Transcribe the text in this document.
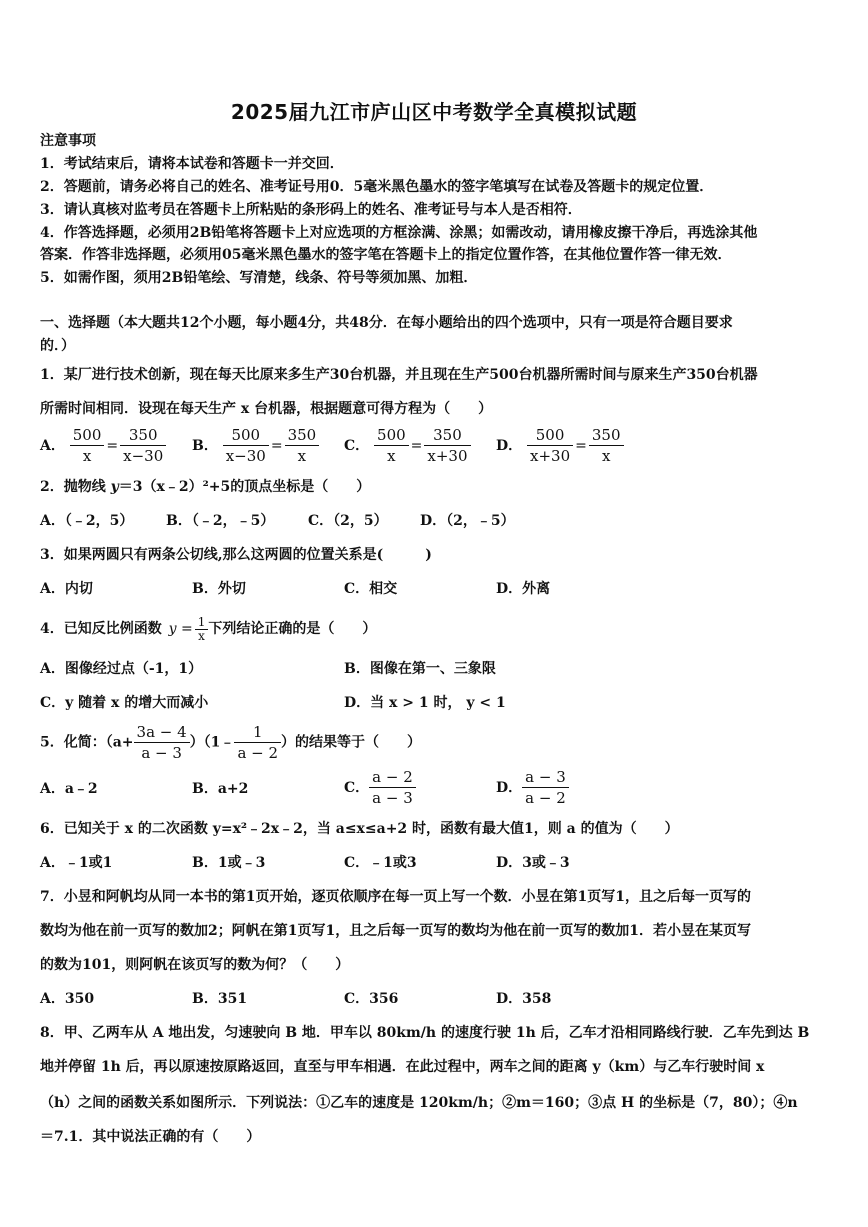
2025届九江市庐山区中考数学全真模拟试题
注意事项
1．考试结束后，请将本试卷和答题卡一并交回．
2．答题前，请务必将自己的姓名、准考证号用0．5毫米黑色墨水的签字笔填写在试卷及答题卡的规定位置．
3．请认真核对监考员在答题卡上所粘贴的条形码上的姓名、准考证号与本人是否相符．
4．作答选择题，必须用2B铅笔将答题卡上对应选项的方框涂满、涂黑；如需改动，请用橡皮擦干净后，再选涂其他
答案．作答非选择题，必须用05毫米黑色墨水的签字笔在答题卡上的指定位置作答，在其他位置作答一律无效．
5．如需作图，须用2B铅笔绘、写清楚，线条、符号等须加黑、加粗．
一、选择题（本大题共12个小题，每小题4分，共48分．在每小题给出的四个选项中，只有一项是符合题目要求
的．）
1．某厂进行技术创新，现在每天比原来多生产30台机器，并且现在生产500台机器所需时间与原来生产350台机器
所需时间相同．设现在每天生产 x 台机器，根据题意可得方程为（　　）
A． $\frac{500}{x} = \frac{350}{x-30}$ B． $\frac{500}{x-30} = \frac{350}{x}$ C． $\frac{500}{x} = \frac{350}{x+30}$ D． $\frac{500}{x+30} = \frac{350}{x}$
2．抛物线 y＝3（x﹣2）²+5的顶点坐标是（　　）
A．（﹣2，5） B．（﹣2，﹣5） C．（2，5） D．（2，﹣5）
3．如果两圆只有两条公切线,那么这两圆的位置关系是(　　　)
A．内切	B．外切	C．相交	D．外离
4．已知反比例函数 $y = \frac{1}{x}$ 下列结论正确的是（　　）
A．图像经过点（-1，1）	B．图像在第一、三象限
C．y 随着 x 的增大而减小	D．当 x > 1 时， y < 1
5．化简：（$a+ \frac{3a - 4}{a - 3}$ ）（1﹣ $\frac{1}{a - 2}$ ）的结果等于（　　）
A．a﹣2	B．a+2	C． $\frac{a - 2}{a - 3}$	D． $\frac{a - 3}{a - 2}$
6．已知关于 x 的二次函数 y=x²﹣2x﹣2，当 a≤x≤a+2 时，函数有最大值1，则 a 的值为（　　）
A．﹣1或1	B．1或﹣3	C．﹣1或3	D．3或﹣3
7．小昱和阿帆均从同一本书的第1页开始，逐页依顺序在每一页上写一个数．小昱在第1页写1，且之后每一页写的
数均为他在前一页写的数加2；阿帆在第1页写1，且之后每一页写的数均为他在前一页写的数加1．若小昱在某页写
的数为101，则阿帆在该页写的数为何？（　　）
A．350	B．351	C．356	D．358
8．甲、乙两车从 A 地出发，匀速驶向 B 地．甲车以 80km/h 的速度行驶 1h 后，乙车才沿相同路线行驶．乙车先到达 B
地并停留 1h 后，再以原速按原路返回，直至与甲车相遇．在此过程中，两车之间的距离 y（km）与乙车行驶时间 x
（h）之间的函数关系如图所示．下列说法：①乙车的速度是 120km/h；②m＝160；③点 H 的坐标是（7，80）；④n
＝7.1．其中说法正确的有（　　）
